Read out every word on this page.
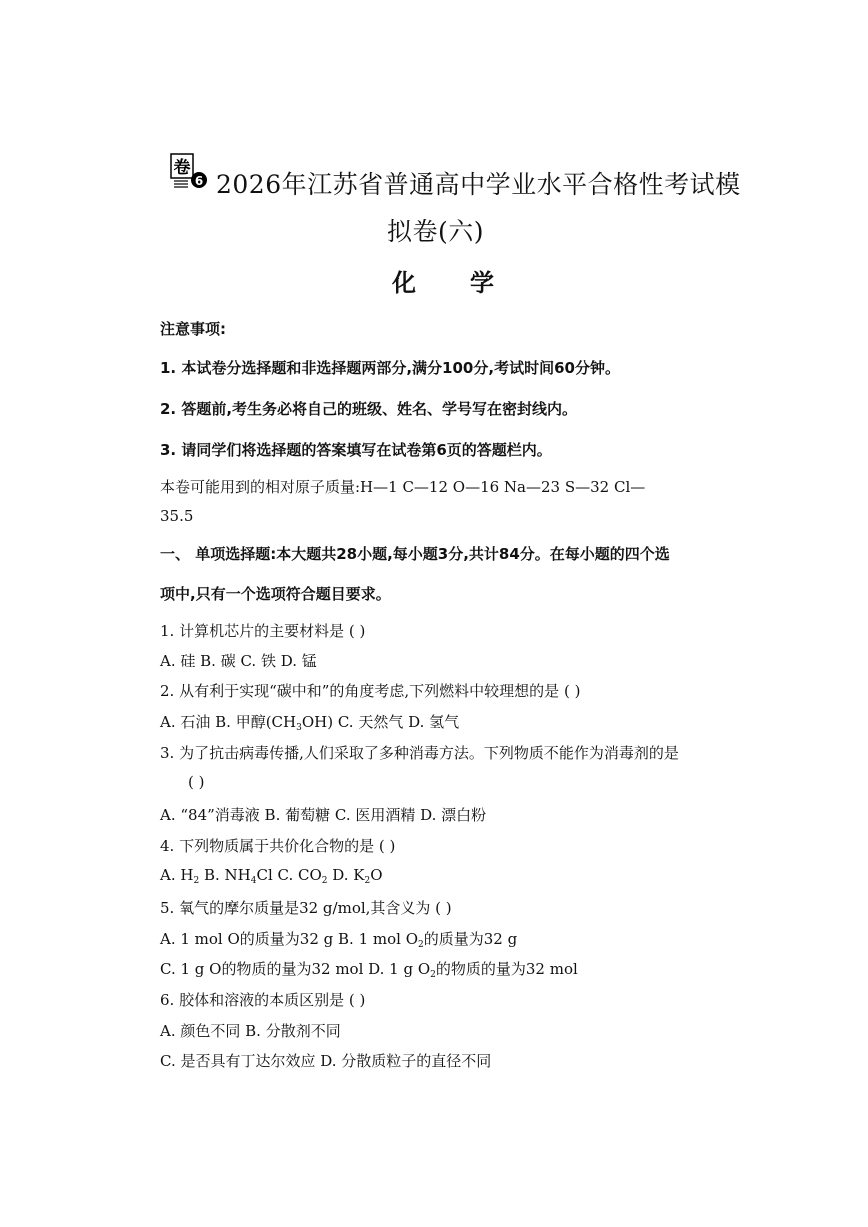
卷
6 2026年江苏省普通高中学业水平合格性考试模
拟卷(六)
化　　学
注意事项:
1. 本试卷分选择题和非选择题两部分,满分100分,考试时间60分钟。
2. 答题前,考生务必将自己的班级、姓名、学号写在密封线内。
3. 请同学们将选择题的答案填写在试卷第6页的答题栏内。
本卷可能用到的相对原子质量:H—1 C—12 O—16 Na—23 S—32 Cl—
35.5
一、 单项选择题:本大题共28小题,每小题3分,共计84分。在每小题的四个选
项中,只有一个选项符合题目要求。
1. 计算机芯片的主要材料是 ( )
A. 硅 B. 碳 C. 铁 D. 锰
2. 从有利于实现“碳中和”的角度考虑,下列燃料中较理想的是 ( )
A. 石油 B. 甲醇$(CH_3OH)$ C. 天然气 D. 氢气
3. 为了抗击病毒传播,人们采取了多种消毒方法。下列物质不能作为消毒剂的是
( )
A. “84”消毒液 B. 葡萄糖 C. 医用酒精 D. 漂白粉
4. 下列物质属于共价化合物的是 ( )
A. $H_2$ B. $NH_4Cl$ C. $CO_2$ D. $K_2O$
5. 氧气的摩尔质量是32 g/mol,其含义为 ( )
A. 1 mol O的质量为32 g B. 1 mol $O_2$的质量为32 g
C. 1 g O的物质的量为32 mol D. 1 g $O_2$的物质的量为32 mol
6. 胶体和溶液的本质区别是 ( )
A. 颜色不同 B. 分散剂不同
C. 是否具有丁达尔效应 D. 分散质粒子的直径不同
